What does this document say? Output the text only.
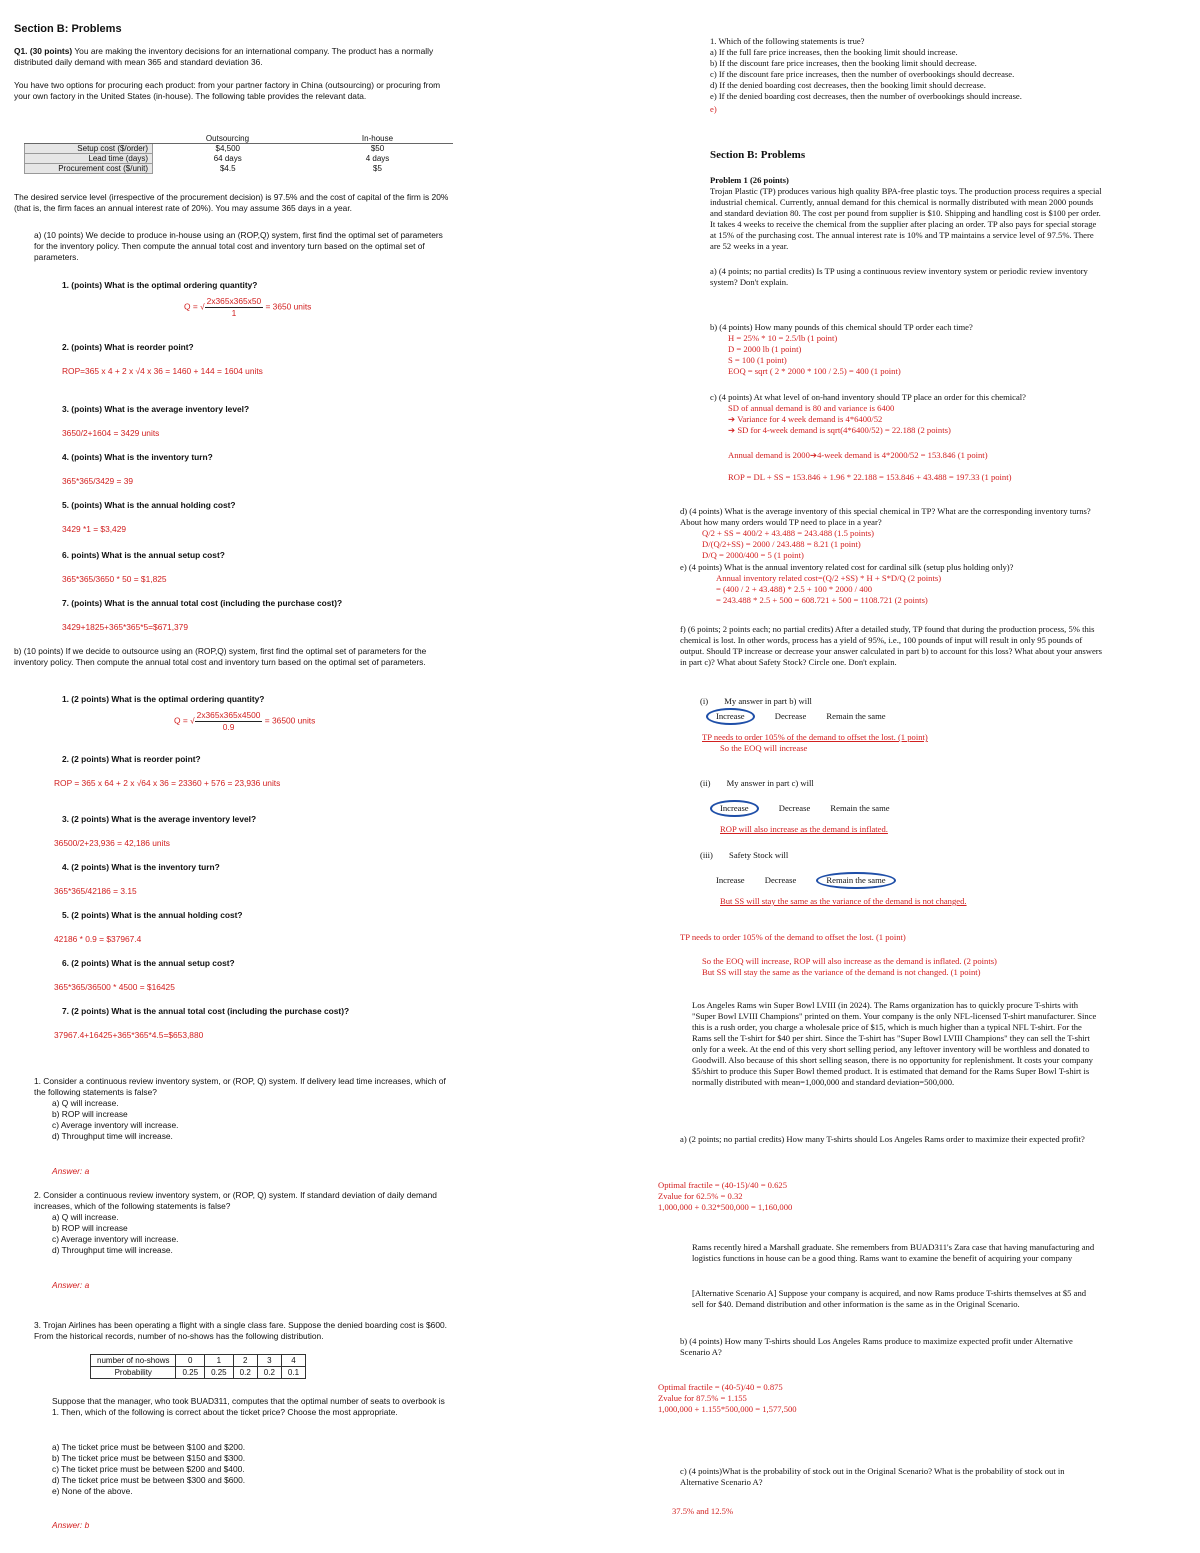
Section B: Problems
Q1. (30 points) You are making the inventory decisions for an international company. The product has a normally distributed daily demand with mean 365 and standard deviation 36.
You have two options for procuring each product: from your partner factory in China (outsourcing) or procuring from your own factory in the United States (in-house). The following table provides the relevant data.
	Outsourcing	In-house
Setup cost ($/order)	$4,500	$50
Lead time (days)	64 days	4 days
Procurement cost ($/unit)	$4.5	$5
The desired service level (irrespective of the procurement decision) is 97.5% and the cost of capital of the firm is 20% (that is, the firm faces an annual interest rate of 20%). You may assume 365 days in a year.
a) (10 points) We decide to produce in-house using an (ROP,Q) system, first find the optimal set of parameters for the inventory policy. Then compute the annual total cost and inventory turn based on the optimal set of parameters.
1. (points) What is the optimal ordering quantity?
Q = √ $\frac{2x365x365x50}{1} = 3650$ units
2. (points) What is reorder point?
ROP=365 x 4 + 2 x √4 x 36 = 1460 + 144 = 1604 units
3. (points) What is the average inventory level?
3650/2+1604 = 3429 units
4. (points) What is the inventory turn?
365*365/3429 = 39
5. (points) What is the annual holding cost?
3429 *1 = $3,429
6. points) What is the annual setup cost?
365*365/3650 * 50 = $1,825
7. (points) What is the annual total cost (including the purchase cost)?
3429+1825+365*365*5=$671,379
b) (10 points) If we decide to outsource using an (ROP,Q) system, first find the optimal set of parameters for the inventory policy. Then compute the annual total cost and inventory turn based on the optimal set of parameters.
1. (2 points) What is the optimal ordering quantity?
Q = √ $\frac{2x365x365x4500}{0.9} = 36500$ units
2. (2 points) What is reorder point?
ROP = 365 x 64 + 2 x √64 x 36 = 23360 + 576 = 23,936 units
3. (2 points) What is the average inventory level?
36500/2+23,936 = 42,186 units
4. (2 points) What is the inventory turn?
365*365/42186 = 3.15
5. (2 points) What is the annual holding cost?
42186 * 0.9 = $37967.4
6. (2 points) What is the annual setup cost?
365*365/36500 * 4500 = $16425
7. (2 points) What is the annual total cost (including the purchase cost)?
37967.4+16425+365*365*4.5=$653,880
1. Consider a continuous review inventory system, or (ROP, Q) system. If delivery lead time increases, which of the following statements is false?
a) Q will increase.
b) ROP will increase
c) Average inventory will increase.
d) Throughput time will increase.
Answer: a
2. Consider a continuous review inventory system, or (ROP, Q) system. If standard deviation of daily demand increases, which of the following statements is false?
a) Q will increase.
b) ROP will increase
c) Average inventory will increase.
d) Throughput time will increase.
Answer: a
3. Trojan Airlines has been operating a flight with a single class fare. Suppose the denied boarding cost is $600. From the historical records, number of no-shows has the following distribution.
number of no-shows	0	1	2	3	4
Probability	0.25	0.25	0.2	0.2	0.1
Suppose that the manager, who took BUAD311, computes that the optimal number of seats to overbook is 1. Then, which of the following is correct about the ticket price? Choose the most appropriate.
a) The ticket price must be between $100 and $200.
b) The ticket price must be between $150 and $300.
c) The ticket price must be between $200 and $400.
d) The ticket price must be between $300 and $600.
e) None of the above.
Answer: b
1. Which of the following statements is true?
a) If the full fare price increases, then the booking limit should increase.
b) If the discount fare price increases, then the booking limit should decrease.
c) If the discount fare price increases, then the number of overbookings should decrease.
d) If the denied boarding cost decreases, then the booking limit should decrease.
e) If the denied boarding cost decreases, then the number of overbookings should increase.
e)
Section B: Problems
Problem 1 (26 points)
Trojan Plastic (TP) produces various high quality BPA-free plastic toys. The production process requires a special industrial chemical. Currently, annual demand for this chemical is normally distributed with mean 2000 pounds and standard deviation 80. The cost per pound from supplier is $10. Shipping and handling cost is $100 per order. It takes 4 weeks to receive the chemical from the supplier after placing an order. TP also pays for special storage at 15% of the purchasing cost. The annual interest rate is 10% and TP maintains a service level of 97.5%. There are 52 weeks in a year.
a) (4 points; no partial credits) Is TP using a continuous review inventory system or periodic review inventory system? Don't explain.
b) (4 points) How many pounds of this chemical should TP order each time?
H = 25% * 10 = 2.5/lb (1 point)
D = 2000 lb (1 point)
S = 100 (1 point)
EOQ = sqrt ( 2 * 2000 * 100 / 2.5) = 400 (1 point)
c) (4 points) At what level of on-hand inventory should TP place an order for this chemical?
SD of annual demand is 80 and variance is 6400
➔ Variance for 4 week demand is 4*6400/52
➔ SD for 4-week demand is sqrt(4*6400/52) = 22.188 (2 points)
Annual demand is 2000➔4-week demand is 4*2000/52 = 153.846 (1 point)
ROP = DL + SS = 153.846 + 1.96 * 22.188 = 153.846 + 43.488 = 197.33 (1 point)
d) (4 points) What is the average inventory of this special chemical in TP? What are the corresponding inventory turns? About how many orders would TP need to place in a year?
Q/2 + SS = 400/2 + 43.488 = 243.488 (1.5 points)
D/(Q/2+SS) = 2000 / 243.488 = 8.21 (1 point)
D/Q = 2000/400 = 5 (1 point)
e) (4 points) What is the annual inventory related cost for cardinal silk (setup plus holding only)?
Annual inventory related cost=(Q/2 +SS) * H + S*D/Q (2 points)
= (400 / 2 + 43.488) * 2.5 + 100 * 2000 / 400
= 243.488 * 2.5 + 500 = 608.721 + 500 = 1108.721 (2 points)
f) (6 points; 2 points each; no partial credits) After a detailed study, TP found that during the production process, 5% this chemical is lost. In other words, process has a yield of 95%, i.e., 100 pounds of input will result in only 95 pounds of output. Should TP increase or decrease your answer calculated in part b) to account for this loss? What about your answers in part c)? What about Safety Stock? Circle one. Don't explain.
(i) My answer in part b) will
Increase	Decrease Remain the same
TP needs to order 105% of the demand to offset the lost. (1 point)
So the EOQ will increase
(ii) My answer in part c) will
Increase	Decrease Remain the same
ROP will also increase as the demand is inflated.
(iii) Safety Stock will
Increase Decrease	Remain the same
But SS will stay the same as the variance of the demand is not changed.
TP needs to order 105% of the demand to offset the lost. (1 point)
So the EOQ will increase, ROP will also increase as the demand is inflated. (2 points)
But SS will stay the same as the variance of the demand is not changed. (1 point)
Los Angeles Rams win Super Bowl LVIII (in 2024). The Rams organization has to quickly procure T-shirts with "Super Bowl LVIII Champions" printed on them. Your company is the only NFL-licensed T-shirt manufacturer. Since this is a rush order, you charge a wholesale price of $15, which is much higher than a typical NFL T-shirt. For the Rams sell the T-shirt for $40 per shirt. Since the T-shirt has "Super Bowl LVIII Champions" they can sell the T-shirt only for a week. At the end of this very short selling period, any leftover inventory will be worthless and donated to Goodwill. Also because of this short selling season, there is no opportunity for replenishment. It costs your company $5/shirt to produce this Super Bowl themed product. It is estimated that demand for the Rams Super Bowl T-shirt is normally distributed with mean=1,000,000 and standard deviation=500,000.
a) (2 points; no partial credits) How many T-shirts should Los Angeles Rams order to maximize their expected profit?
Optimal fractile = (40-15)/40 = 0.625
Zvalue for 62.5% = 0.32
1,000,000 + 0.32*500,000 = 1,160,000
Rams recently hired a Marshall graduate. She remembers from BUAD311's Zara case that having manufacturing and logistics functions in house can be a good thing. Rams want to examine the benefit of acquiring your company
[Alternative Scenario A] Suppose your company is acquired, and now Rams produce T-shirts themselves at $5 and sell for $40. Demand distribution and other information is the same as in the Original Scenario.
b) (4 points) How many T-shirts should Los Angeles Rams produce to maximize expected profit under Alternative Scenario A?
Optimal fractile = (40-5)/40 = 0.875
Zvalue for 87.5% = 1.155
1,000,000 + 1.155*500,000 = 1,577,500
c) (4 points)What is the probability of stock out in the Original Scenario? What is the probability of stock out in Alternative Scenario A?
37.5% and 12.5%
